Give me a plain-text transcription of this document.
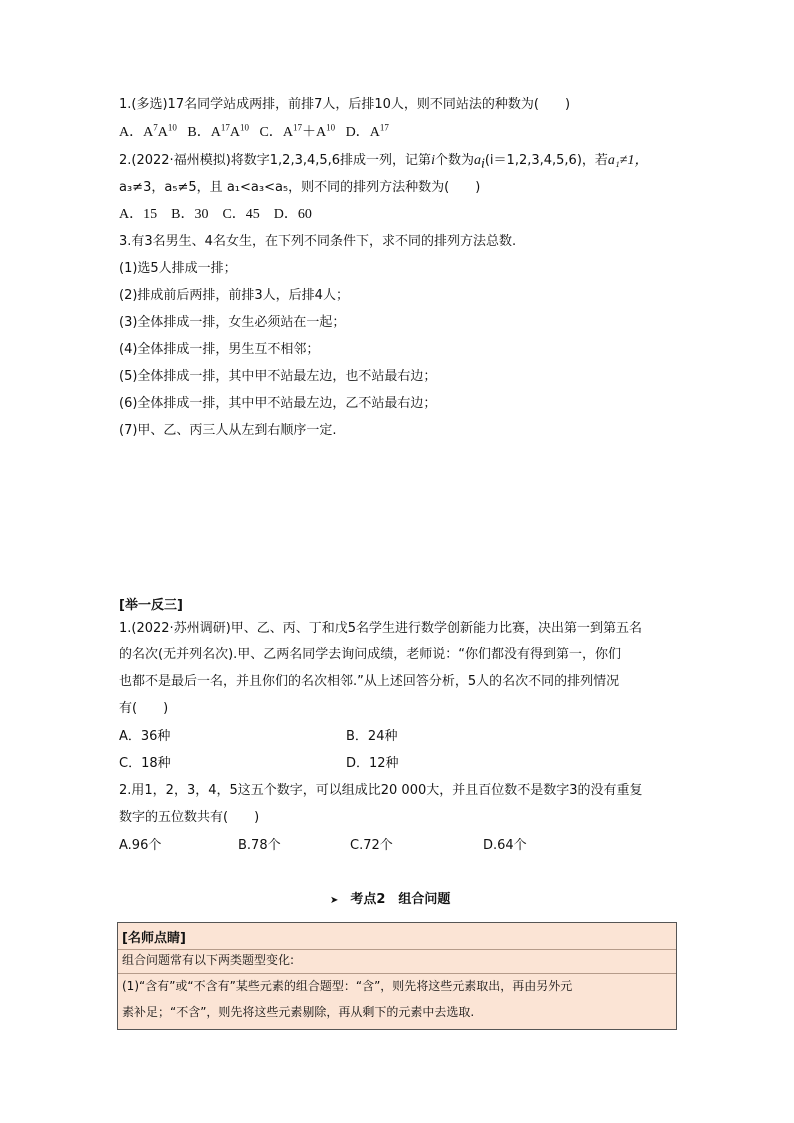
1.(多选)17名同学站成两排，前排7人，后排10人，则不同站法的种数为(　　)
A．$A^7A^{10}$ B．$A^{17}A^{10}$ C．$A^{17}+A^{10}$ D．$A^{17}$
2.(2022·福州模拟)将数字1,2,3,4,5,6排成一列，记第i个数为$a_i(i=1,2,3,4,5,6)$，若a₁≠1，
a₃≠3，a₅≠5，且 a₁<a₃<a₅，则不同的排列方法种数为(　　)
A．15　B．30　C．45　D．60
3.有3名男生、4名女生，在下列不同条件下，求不同的排列方法总数.
(1)选5人排成一排；
(2)排成前后两排，前排3人，后排4人；
(3)全体排成一排，女生必须站在一起；
(4)全体排成一排，男生互不相邻；
(5)全体排成一排，其中甲不站最左边，也不站最右边；
(6)全体排成一排，其中甲不站最左边，乙不站最右边；
(7)甲、乙、丙三人从左到右顺序一定.
[举一反三]
1.(2022·苏州调研)甲、乙、丙、丁和戊5名学生进行数学创新能力比赛，决出第一到第五名
的名次(无并列名次).甲、乙两名同学去询问成绩，老师说：“你们都没有得到第一，你们
也都不是最后一名，并且你们的名次相邻.”从上述回答分析，5人的名次不同的排列情况
有(　　)
A．36种	B．24种
C．18种	D．12种
2.用1，2，3，4，5这五个数字，可以组成比20 000大，并且百位数不是数字3的没有重复
数字的五位数共有(　　)
A.96个	B.78个	C.72个	D.64个
➤ 考点2　组合问题
[名师点睛]
组合问题常有以下两类题型变化:
(1)“含有”或“不含有”某些元素的组合题型：“含”，则先将这些元素取出，再由另外元
素补足；“不含”，则先将这些元素剔除，再从剩下的元素中去选取.
